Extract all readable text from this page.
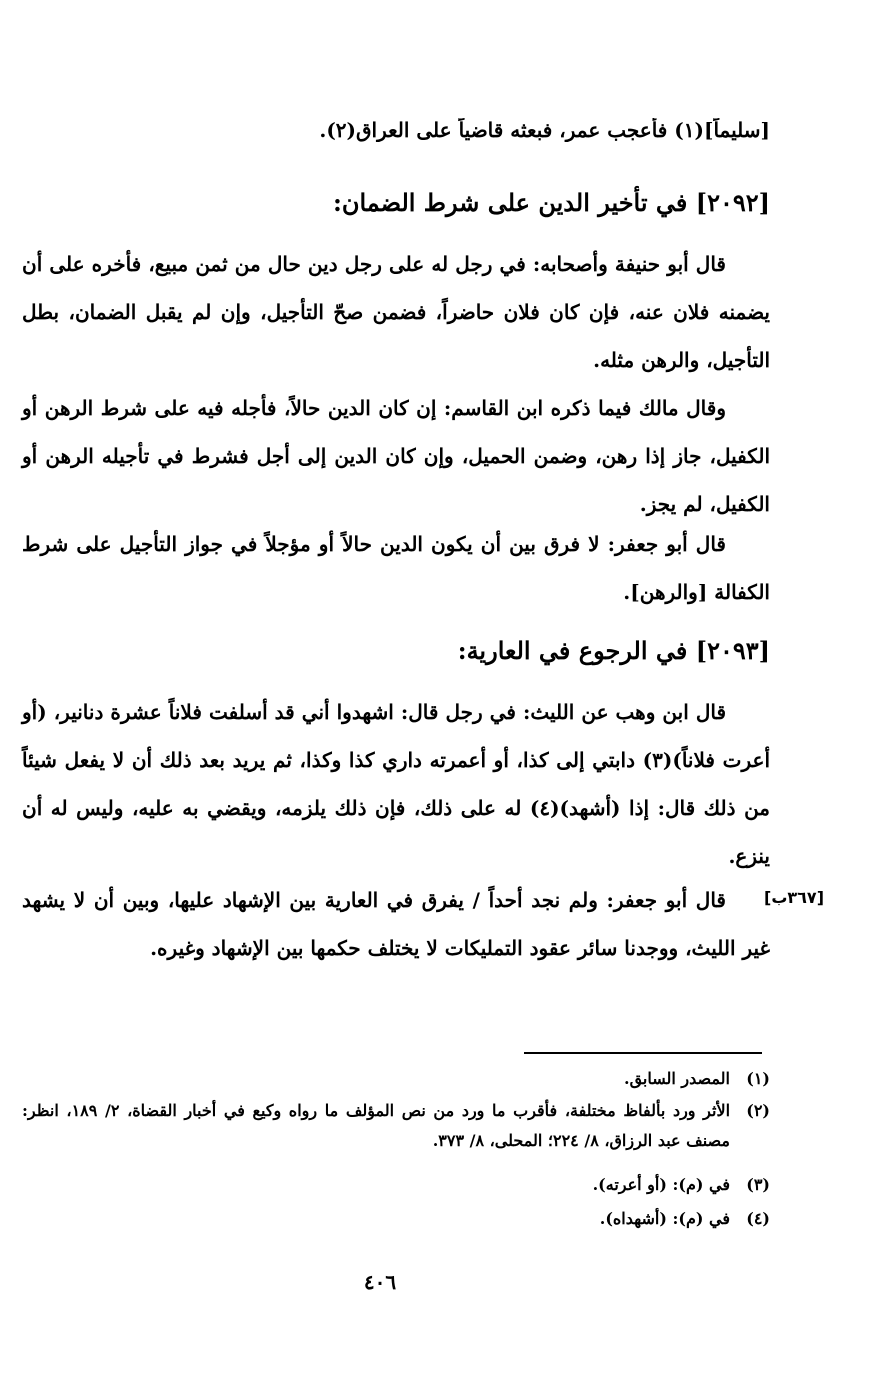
[سليماً](١) فأعجب عمر، فبعثه قاضياً على العراق(٢).
[٢٠٩٢] في تأخير الدين على شرط الضمان:
قال أبو حنيفة وأصحابه: في رجل له على رجل دين حال من ثمن مبيع، فأخره على أن يضمنه فلان عنه، فإن كان فلان حاضراً، فضمن صحّ التأجيل، وإن لم يقبل الضمان، بطل التأجيل، والرهن مثله.
وقال مالك فيما ذكره ابن القاسم: إن كان الدين حالاً، فأجله فيه على شرط الرهن أو الكفيل، جاز إذا رهن، وضمن الحميل، وإن كان الدين إلى أجل فشرط في تأجيله الرهن أو الكفيل، لم يجز.
قال أبو جعفر: لا فرق بين أن يكون الدين حالاً أو مؤجلاً في جواز التأجيل على شرط الكفالة [والرهن].
[٢٠٩٣] في الرجوع في العارية:
قال ابن وهب عن الليث: في رجل قال: اشهدوا أني قد أسلفت فلاناً عشرة دنانير، (أو أعرت فلاناً)(٣) دابتي إلى كذا، أو أعمرته داري كذا وكذا، ثم يريد بعد ذلك أن لا يفعل شيئاً من ذلك قال: إذا (أشهد)(٤) له على ذلك، فإن ذلك يلزمه، ويقضي به عليه، وليس له أن ينزع.
[٣٦٧ب]
قال أبو جعفر: ولم نجد أحداً / يفرق في العارية بين الإشهاد عليها، وبين أن لا يشهد غير الليث، ووجدنا سائر عقود التمليكات لا يختلف حكمها بين الإشهاد وغيره.
(١)المصدر السابق.
(٢)
الأثر ورد بألفاظ مختلفة، فأقرب ما ورد من نص المؤلف ما رواه وكيع في أخبار القضاة، ٢/ ١٨٩، انظر: مصنف عبد الرزاق، ٨/ ٢٢٤؛ المحلى، ٨/ ٣٧٣.
(٣)في (م): (أو أعرته).
(٤)في (م): (أشهداه).
٤٠٦
